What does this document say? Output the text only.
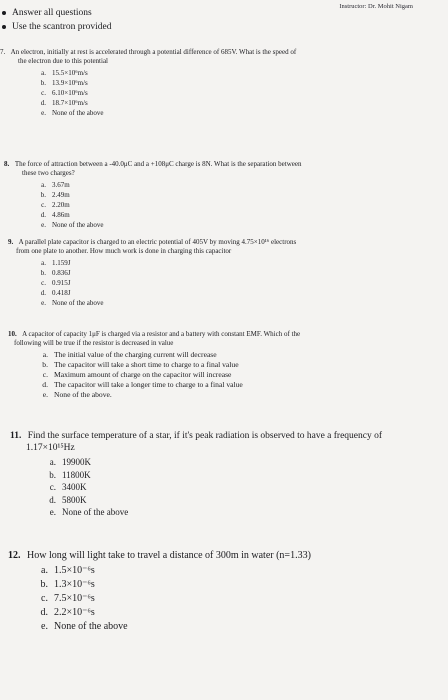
Answer all questions
Use the scantron provided
Instructor: Dr. Mohit Nigam
7. An electron, initially at rest is accelerated through a potential difference of 685V. What is the speed of
the electron due to this potential
a. 15.5×10⁶m/s
b. 13.9×10⁶m/s
c. 6.10×10⁶m/s
d. 18.7×10⁶m/s
e. None of the above
8. The force of attraction between a -40.0μC and a +108μC charge is 8N. What is the separation between
these two charges?
a. 3.67m
b. 2.49m
c. 2.20m
d. 4.86m
e. None of the above
9. A parallel plate capacitor is charged to an electric potential of 405V by moving 4.75×10¹⁶ electrons
from one plate to another. How much work is done in charging this capacitor
a. 1.159J
b. 0.836J
c. 0.915J
d. 0.418J
e. None of the above
10. A capacitor of capacity 1μF is charged via a resistor and a battery with constant EMF. Which of the
following will be true if the resistor is decreased in value
a. The initial value of the charging current will decrease
b. The capacitor will take a short time to charge to a final value
c. Maximum amount of charge on the capacitor will increase
d. The capacitor will take a longer time to charge to a final value
e. None of the above.
11. Find the surface temperature of a star, if it's peak radiation is observed to have a frequency of
1.17×10¹⁵Hz
a. 19900K
b. 11800K
c. 3400K
d. 5800K
e. None of the above
12. How long will light take to travel a distance of 300m in water (n=1.33)
a. 1.5×10⁻⁶s
b. 1.3×10⁻⁶s
c. 7.5×10⁻⁶s
d. 2.2×10⁻⁶s
e. None of the above
